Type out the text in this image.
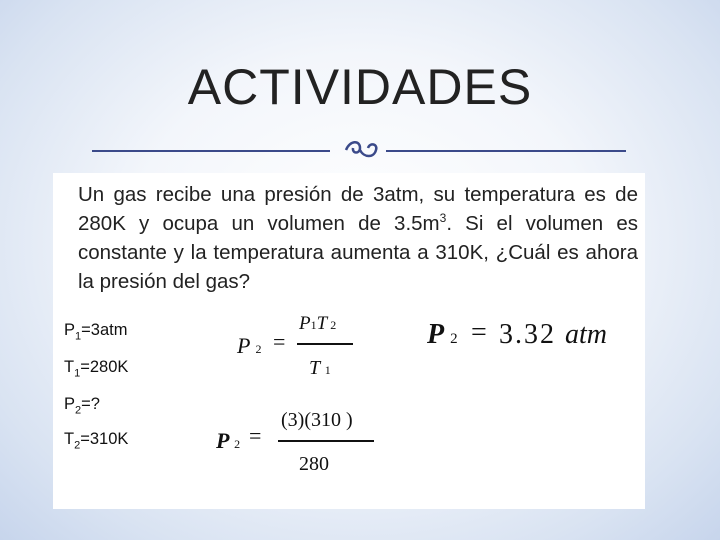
ACTIVIDADES
Un gas recibe una presión de 3atm, su temperatura es de 280K y ocupa un volumen de $3.5m^3$. Si el volumen es constante y la temperatura aumenta a 310K, ¿Cuál es ahora la presión del gas?
$P_1=3atm$
$T_1=280K$
$P_2=$?
$T_2=310K$
P 2 =
P1T 2
T 1
P 2 =
(3)(310 )
280
P 2 = 3.32 atm
